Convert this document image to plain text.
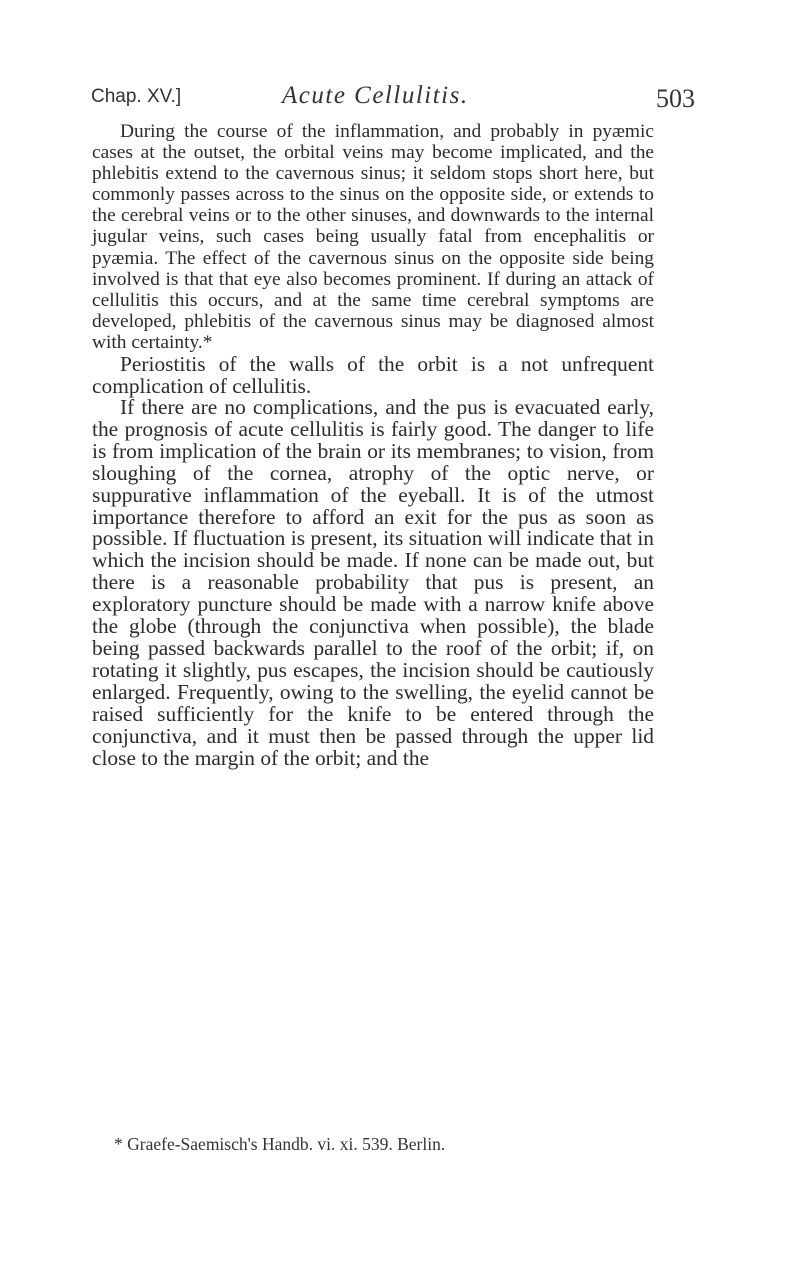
Chap. XV.]	Acute Cellulitis.	503

During the course of the inflammation, and probably in pyæmic cases at the outset, the orbital veins may become implicated, and the phlebitis extend to the cavernous sinus; it seldom stops short here, but commonly passes across to the sinus on the opposite side, or extends to the cerebral veins or to the other sinuses, and downwards to the internal jugular veins, such cases being usually fatal from encephalitis or pyæmia. The effect of the cavernous sinus on the opposite side being involved is that that eye also becomes prominent. If during an attack of cellulitis this occurs, and at the same time cerebral symptoms are developed, phlebitis of the cavernous sinus may be diagnosed almost with certainty.*

Periostitis of the walls of the orbit is a not unfrequent complication of cellulitis.

If there are no complications, and the pus is evacuated early, the prognosis of acute cellulitis is fairly good. The danger to life is from implication of the brain or its membranes; to vision, from sloughing of the cornea, atrophy of the optic nerve, or suppurative inflammation of the eyeball. It is of the utmost importance therefore to afford an exit for the pus as soon as possible. If fluctuation is present, its situation will indicate that in which the incision should be made. If none can be made out, but there is a reasonable probability that pus is present, an exploratory puncture should be made with a narrow knife above the globe (through the conjunctiva when possible), the blade being passed backwards parallel to the roof of the orbit; if, on rotating it slightly, pus escapes, the incision should be cautiously enlarged. Frequently, owing to the swelling, the eyelid cannot be raised sufficiently for the knife to be entered through the conjunctiva, and it must then be passed through the upper lid close to the margin of the orbit; and the

* Graefe-Saemisch's Handb. vi. xi. 539. Berlin.
